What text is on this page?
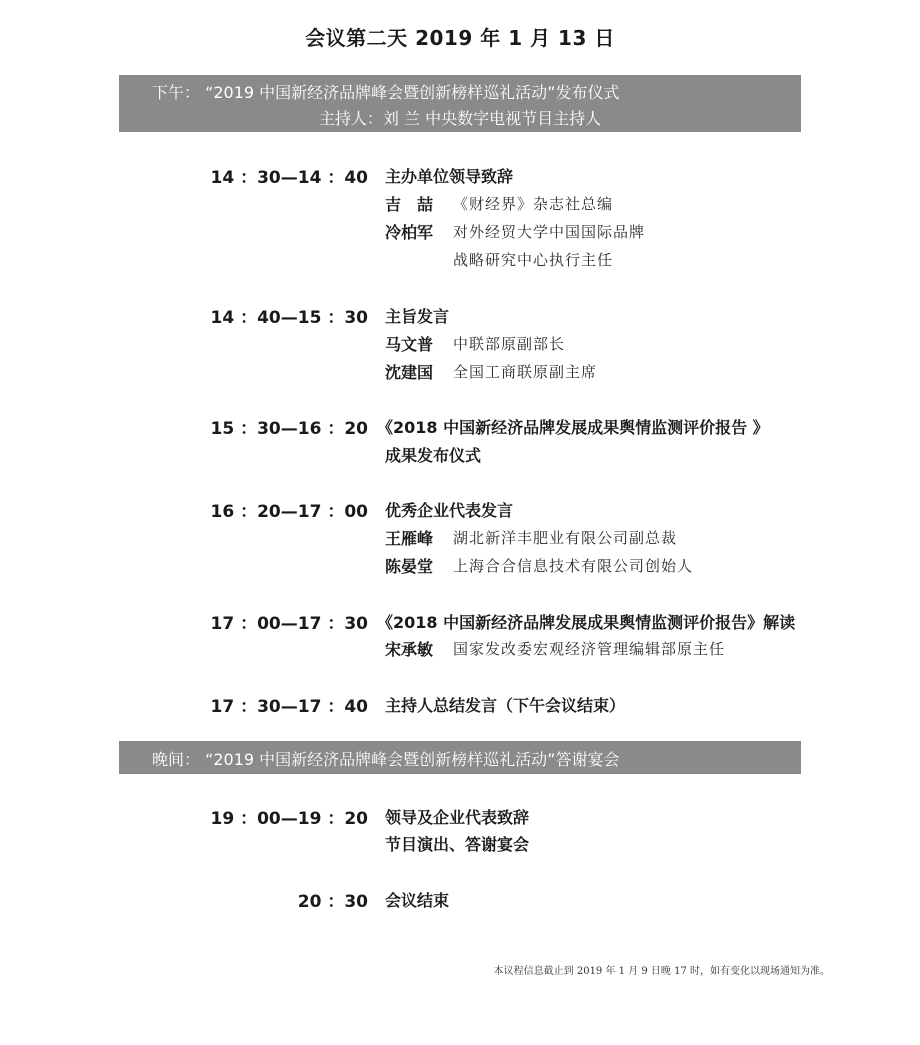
会议第二天 2019 年 1 月 13 日
下午： “2019 中国新经济品牌峰会暨创新榜样巡礼活动”发布仪式
主持人：刘 兰 中央数字电视节目主持人
14 ：30—14 ：40 主办单位领导致辞
吉　喆 《财经界》杂志社总编
冷柏军 对外经贸大学中国国际品牌
战略研究中心执行主任
14 ：40—15 ：30 主旨发言
马文普 中联部原副部长
沈建国 全国工商联原副主席
15 ：30—16 ：20 《2018 中国新经济品牌发展成果舆情监测评价报告 》
成果发布仪式
16 ：20—17 ：00 优秀企业代表发言
王雁峰 湖北新洋丰肥业有限公司副总裁
陈晏堂 上海合合信息技术有限公司创始人
17 ：00—17 ：30 《2018 中国新经济品牌发展成果舆情监测评价报告》解读
宋承敏 国家发改委宏观经济管理编辑部原主任
17 ：30—17 ：40 主持人总结发言（下午会议结束）
晚间： “2019 中国新经济品牌峰会暨创新榜样巡礼活动”答谢宴会
19 ：00—19 ：20 领导及企业代表致辞
节目演出、答谢宴会
20 ：30 会议结束
本议程信息截止到 2019 年 1 月 9 日晚 17 时，如有变化以现场通知为准。
